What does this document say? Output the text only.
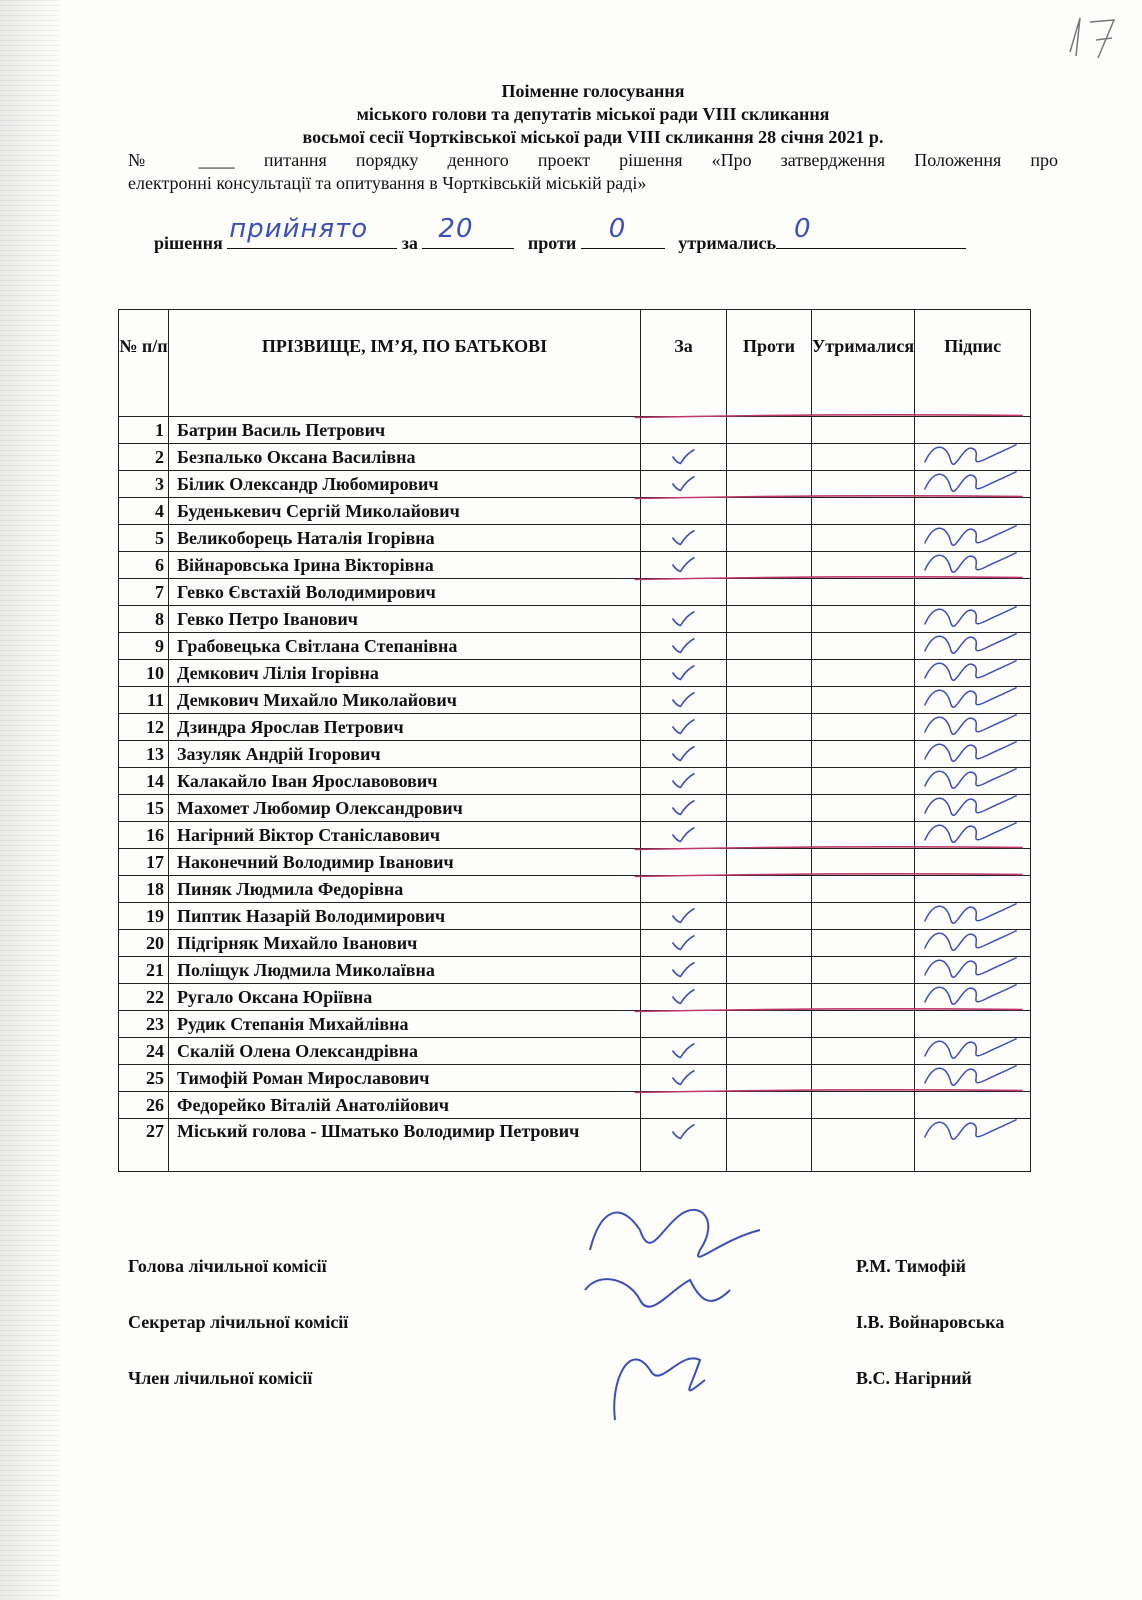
Поіменне голосування
міського голови та депутатів міської ради VIII скликання
восьмої сесії Чортківської міської ради VIII скликання 28 січня 2021 р.
№ ____ питання порядку денного проект рішення «Про затвердження Положення про
електронні консультації та опитування в Чортківській міській раді»
рішення прийнято за 20	проти 0	утримались 0
№ п/п	ПРІЗВИЩЕ, ІМ’Я, ПО БАТЬКОВІ	За	Проти	Утрималися	Підпис
1	Батрин Василь Петрович				
2	Безпалько Оксана Василівна				
3	Білик Олександр Любомирович				
4	Буденькевич Сергій Миколайович				
5	Великоборець Наталія Ігорівна				
6	Війнаровська Ірина Вікторівна				
7	Гевко Євстахій Володимирович				
8	Гевко Петро Іванович				
9	Грабовецька Світлана Степанівна				
10	Демкович Лілія Ігорівна				
11	Демкович Михайло Миколайович				
12	Дзиндра Ярослав Петрович				
13	Зазуляк Андрій Ігорович				
14	Калакайло Іван Ярославовович				
15	Махомет Любомир Олександрович				
16	Нагірний Віктор Станіславович				
17	Наконечний Володимир Іванович				
18	Пиняк Людмила Федорівна				
19	Пиптик Назарій Володимирович				
20	Підгірняк Михайло Іванович				
21	Поліщук Людмила Миколаївна				
22	Ругало Оксана Юріївна				
23	Рудик Степанія Михайлівна				
24	Скалій Олена Олександрівна				
25	Тимофій Роман Мирославович				
26	Федорейко Віталій Анатолійович				
27	Міський голова - Шматько Володимир Петрович				
Голова лічильної комісії	Р.М. Тимофій
Секретар лічильної комісії	І.В. Войнаровська
Член лічильної комісії	В.С. Нагірний
